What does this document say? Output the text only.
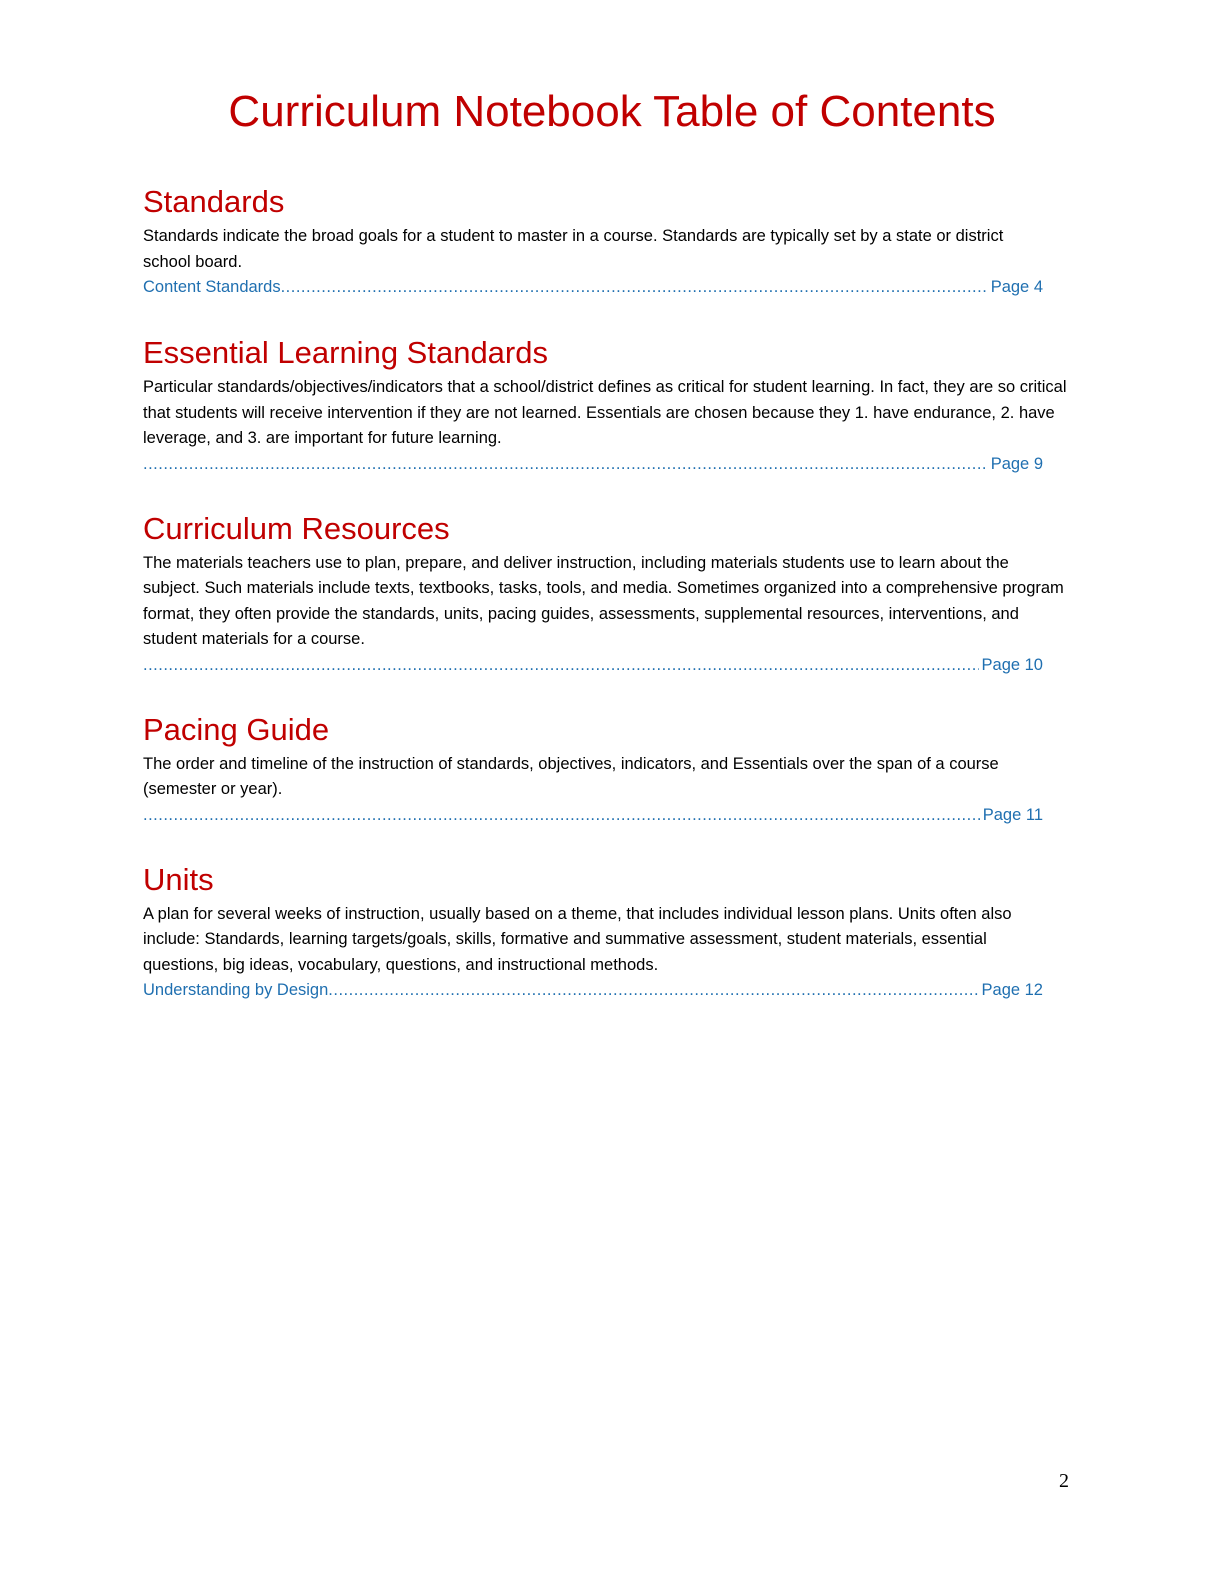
Curriculum Notebook Table of Contents
Standards

Standards indicate the broad goals for a student to master in a course. Standards are typically set by a state or district school board.

Content Standards .....	Page 4
Essential Learning Standards

Particular standards/objectives/indicators that a school/district defines as critical for student learning. In fact, they are so critical that students will receive intervention if they are not learned. Essentials are chosen because they 1. have endurance, 2. have leverage, and 3. are important for future learning.

.....
Page 9
Curriculum Resources

The materials teachers use to plan, prepare, and deliver instruction, including materials students use to learn about the subject. Such materials include texts, textbooks, tasks, tools, and media. Sometimes organized into a comprehensive program format, they often provide the standards, units, pacing guides, assessments, supplemental resources, interventions, and student materials for a course.

.....
Page 10
Pacing Guide

The order and timeline of the instruction of standards, objectives, indicators, and Essentials over the span of a course (semester or year).

.....
Page 11
Units

A plan for several weeks of instruction, usually based on a theme, that includes individual lesson plans. Units often also include: Standards, learning targets/goals, skills, formative and summative assessment, student materials, essential questions, big ideas, vocabulary, questions, and instructional methods.

Understanding by Design .....	Page 12
2
